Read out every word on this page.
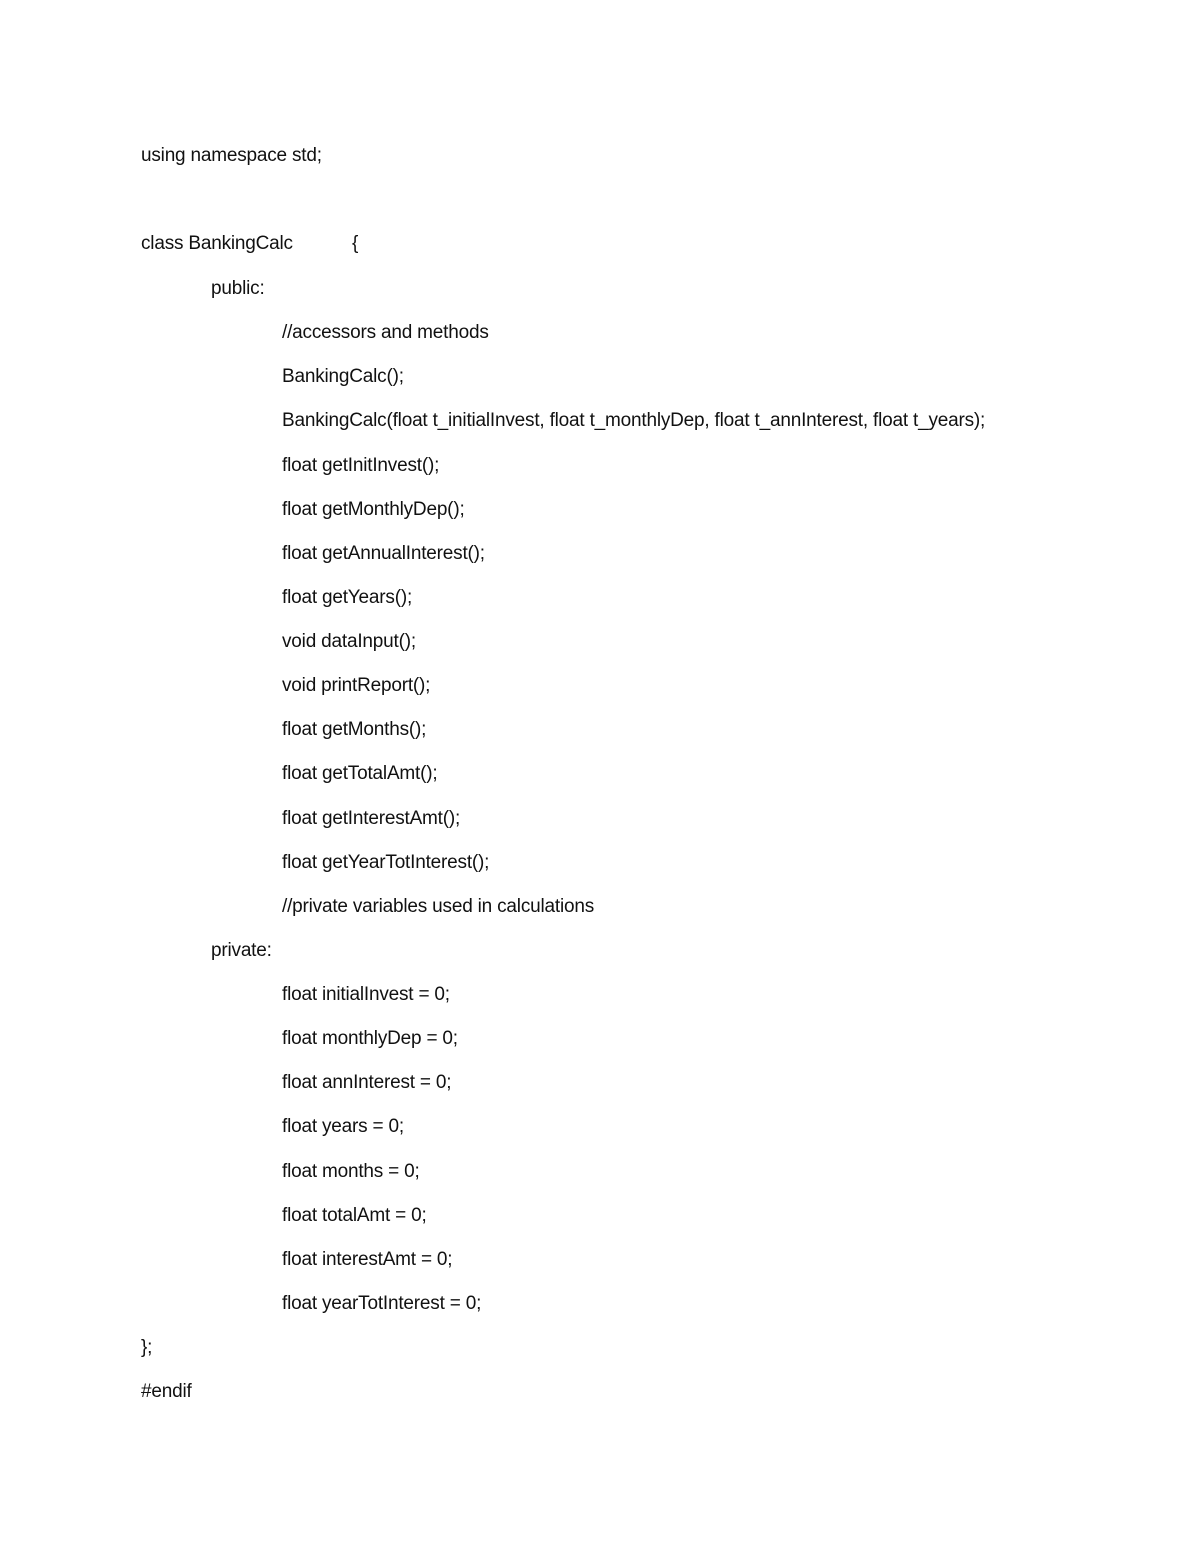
using namespace std;
class BankingCalc	{
public:
//accessors and methods
BankingCalc();
BankingCalc(float t_initialInvest, float t_monthlyDep, float t_annInterest, float t_years);
float getInitInvest();
float getMonthlyDep();
float getAnnualInterest();
float getYears();
void dataInput();
void printReport();
float getMonths();
float getTotalAmt();
float getInterestAmt();
float getYearTotInterest();
//private variables used in calculations
private:
float initialInvest = 0;
float monthlyDep = 0;
float annInterest = 0;
float years = 0;
float months = 0;
float totalAmt = 0;
float interestAmt = 0;
float yearTotInterest = 0;
};
#endif
